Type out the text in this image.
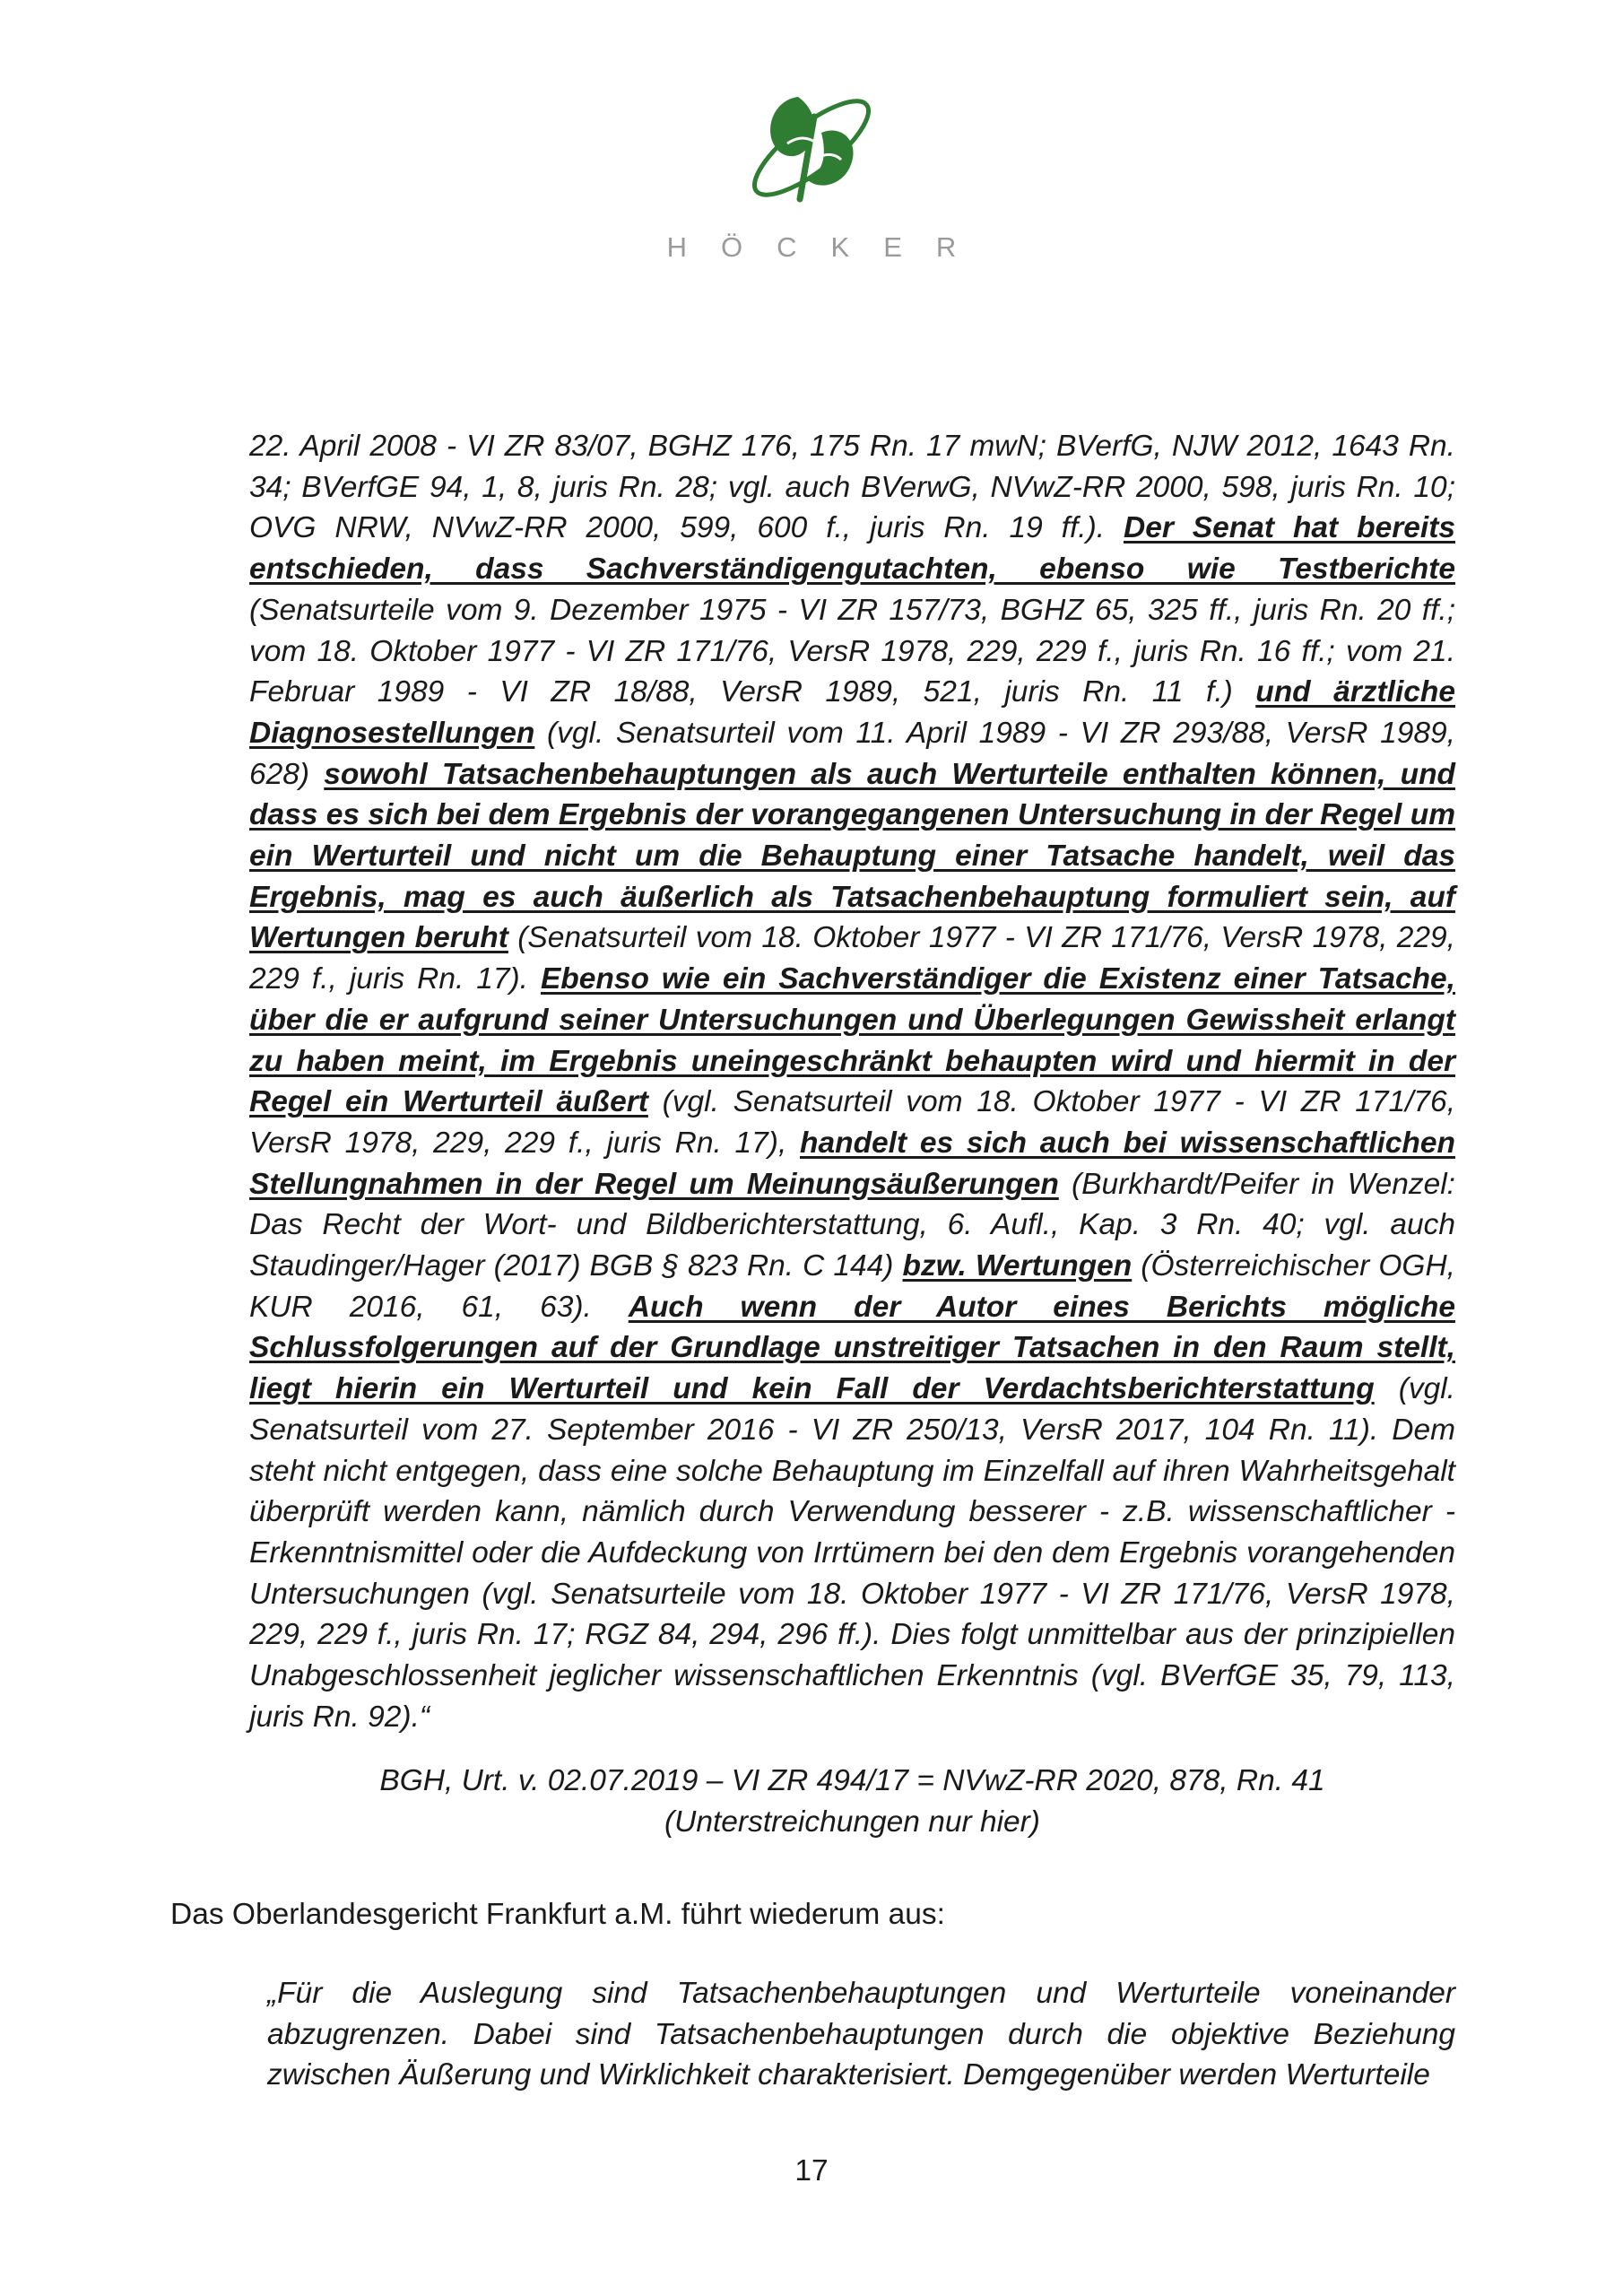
HÖCKER
22. April 2008 - VI ZR 83/07, BGHZ 176, 175 Rn. 17 mwN; BVerfG, NJW 2012, 1643 Rn. 34; BVerfGE 94, 1, 8, juris Rn. 28; vgl. auch BVerwG, NVwZ-RR 2000, 598, juris Rn. 10; OVG NRW, NVwZ-RR 2000, 599, 600 f., juris Rn. 19 ff.). Der Senat hat bereits entschieden, dass Sachverständigengutachten, ebenso wie Testberichte (Senatsurteile vom 9. Dezember 1975 - VI ZR 157/73, BGHZ 65, 325 ff., juris Rn. 20 ff.; vom 18. Oktober 1977 - VI ZR 171/76, VersR 1978, 229, 229 f., juris Rn. 16 ff.; vom 21. Februar 1989 - VI ZR 18/88, VersR 1989, 521, juris Rn. 11 f.) und ärztliche Diagnosestellungen (vgl. Senatsurteil vom 11. April 1989 - VI ZR 293/88, VersR 1989, 628) sowohl Tatsachenbehauptungen als auch Werturteile enthalten können, und dass es sich bei dem Ergebnis der vorangegangenen Untersuchung in der Regel um ein Werturteil und nicht um die Behauptung einer Tatsache handelt, weil das Ergebnis, mag es auch äußerlich als Tatsachenbehauptung formuliert sein, auf Wertungen beruht (Senatsurteil vom 18. Oktober 1977 - VI ZR 171/76, VersR 1978, 229, 229 f., juris Rn. 17). Ebenso wie ein Sachverständiger die Existenz einer Tatsache, über die er aufgrund seiner Untersuchungen und Überlegungen Gewissheit erlangt zu haben meint, im Ergebnis uneingeschränkt behaupten wird und hiermit in der Regel ein Werturteil äußert (vgl. Senatsurteil vom 18. Oktober 1977 - VI ZR 171/76, VersR 1978, 229, 229 f., juris Rn. 17), handelt es sich auch bei wissenschaftlichen Stellungnahmen in der Regel um Meinungsäußerungen (Burkhardt/Peifer in Wenzel: Das Recht der Wort- und Bildberichterstattung, 6. Aufl., Kap. 3 Rn. 40; vgl. auch Staudinger/Hager (2017) BGB § 823 Rn. C 144) bzw. Wertungen (Österreichischer OGH, KUR 2016, 61, 63). Auch wenn der Autor eines Berichts mögliche Schlussfolgerungen auf der Grundlage unstreitiger Tatsachen in den Raum stellt, liegt hierin ein Werturteil und kein Fall der Verdachtsberichterstattung (vgl. Senatsurteil vom 27. September 2016 - VI ZR 250/13, VersR 2017, 104 Rn. 11). Dem steht nicht entgegen, dass eine solche Behauptung im Einzelfall auf ihren Wahrheitsgehalt überprüft werden kann, nämlich durch Verwendung besserer - z.B. wissenschaftlicher - Erkenntnismittel oder die Aufdeckung von Irrtümern bei den dem Ergebnis vorangehenden Untersuchungen (vgl. Senatsurteile vom 18. Oktober 1977 - VI ZR 171/76, VersR 1978, 229, 229 f., juris Rn. 17; RGZ 84, 294, 296 ff.). Dies folgt unmittelbar aus der prinzipiellen Unabgeschlossenheit jeglicher wissenschaftlichen Erkenntnis (vgl. BVerfGE 35, 79, 113, juris Rn. 92).“
BGH, Urt. v. 02.07.2019 – VI ZR 494/17 = NVwZ-RR 2020, 878, Rn. 41
(Unterstreichungen nur hier)
Das Oberlandesgericht Frankfurt a.M. führt wiederum aus:
„Für die Auslegung sind Tatsachenbehauptungen und Werturteile voneinander abzugrenzen. Dabei sind Tatsachenbehauptungen durch die objektive Beziehung zwischen Äußerung und Wirklichkeit charakterisiert. Demgegenüber werden Werturteile
17
